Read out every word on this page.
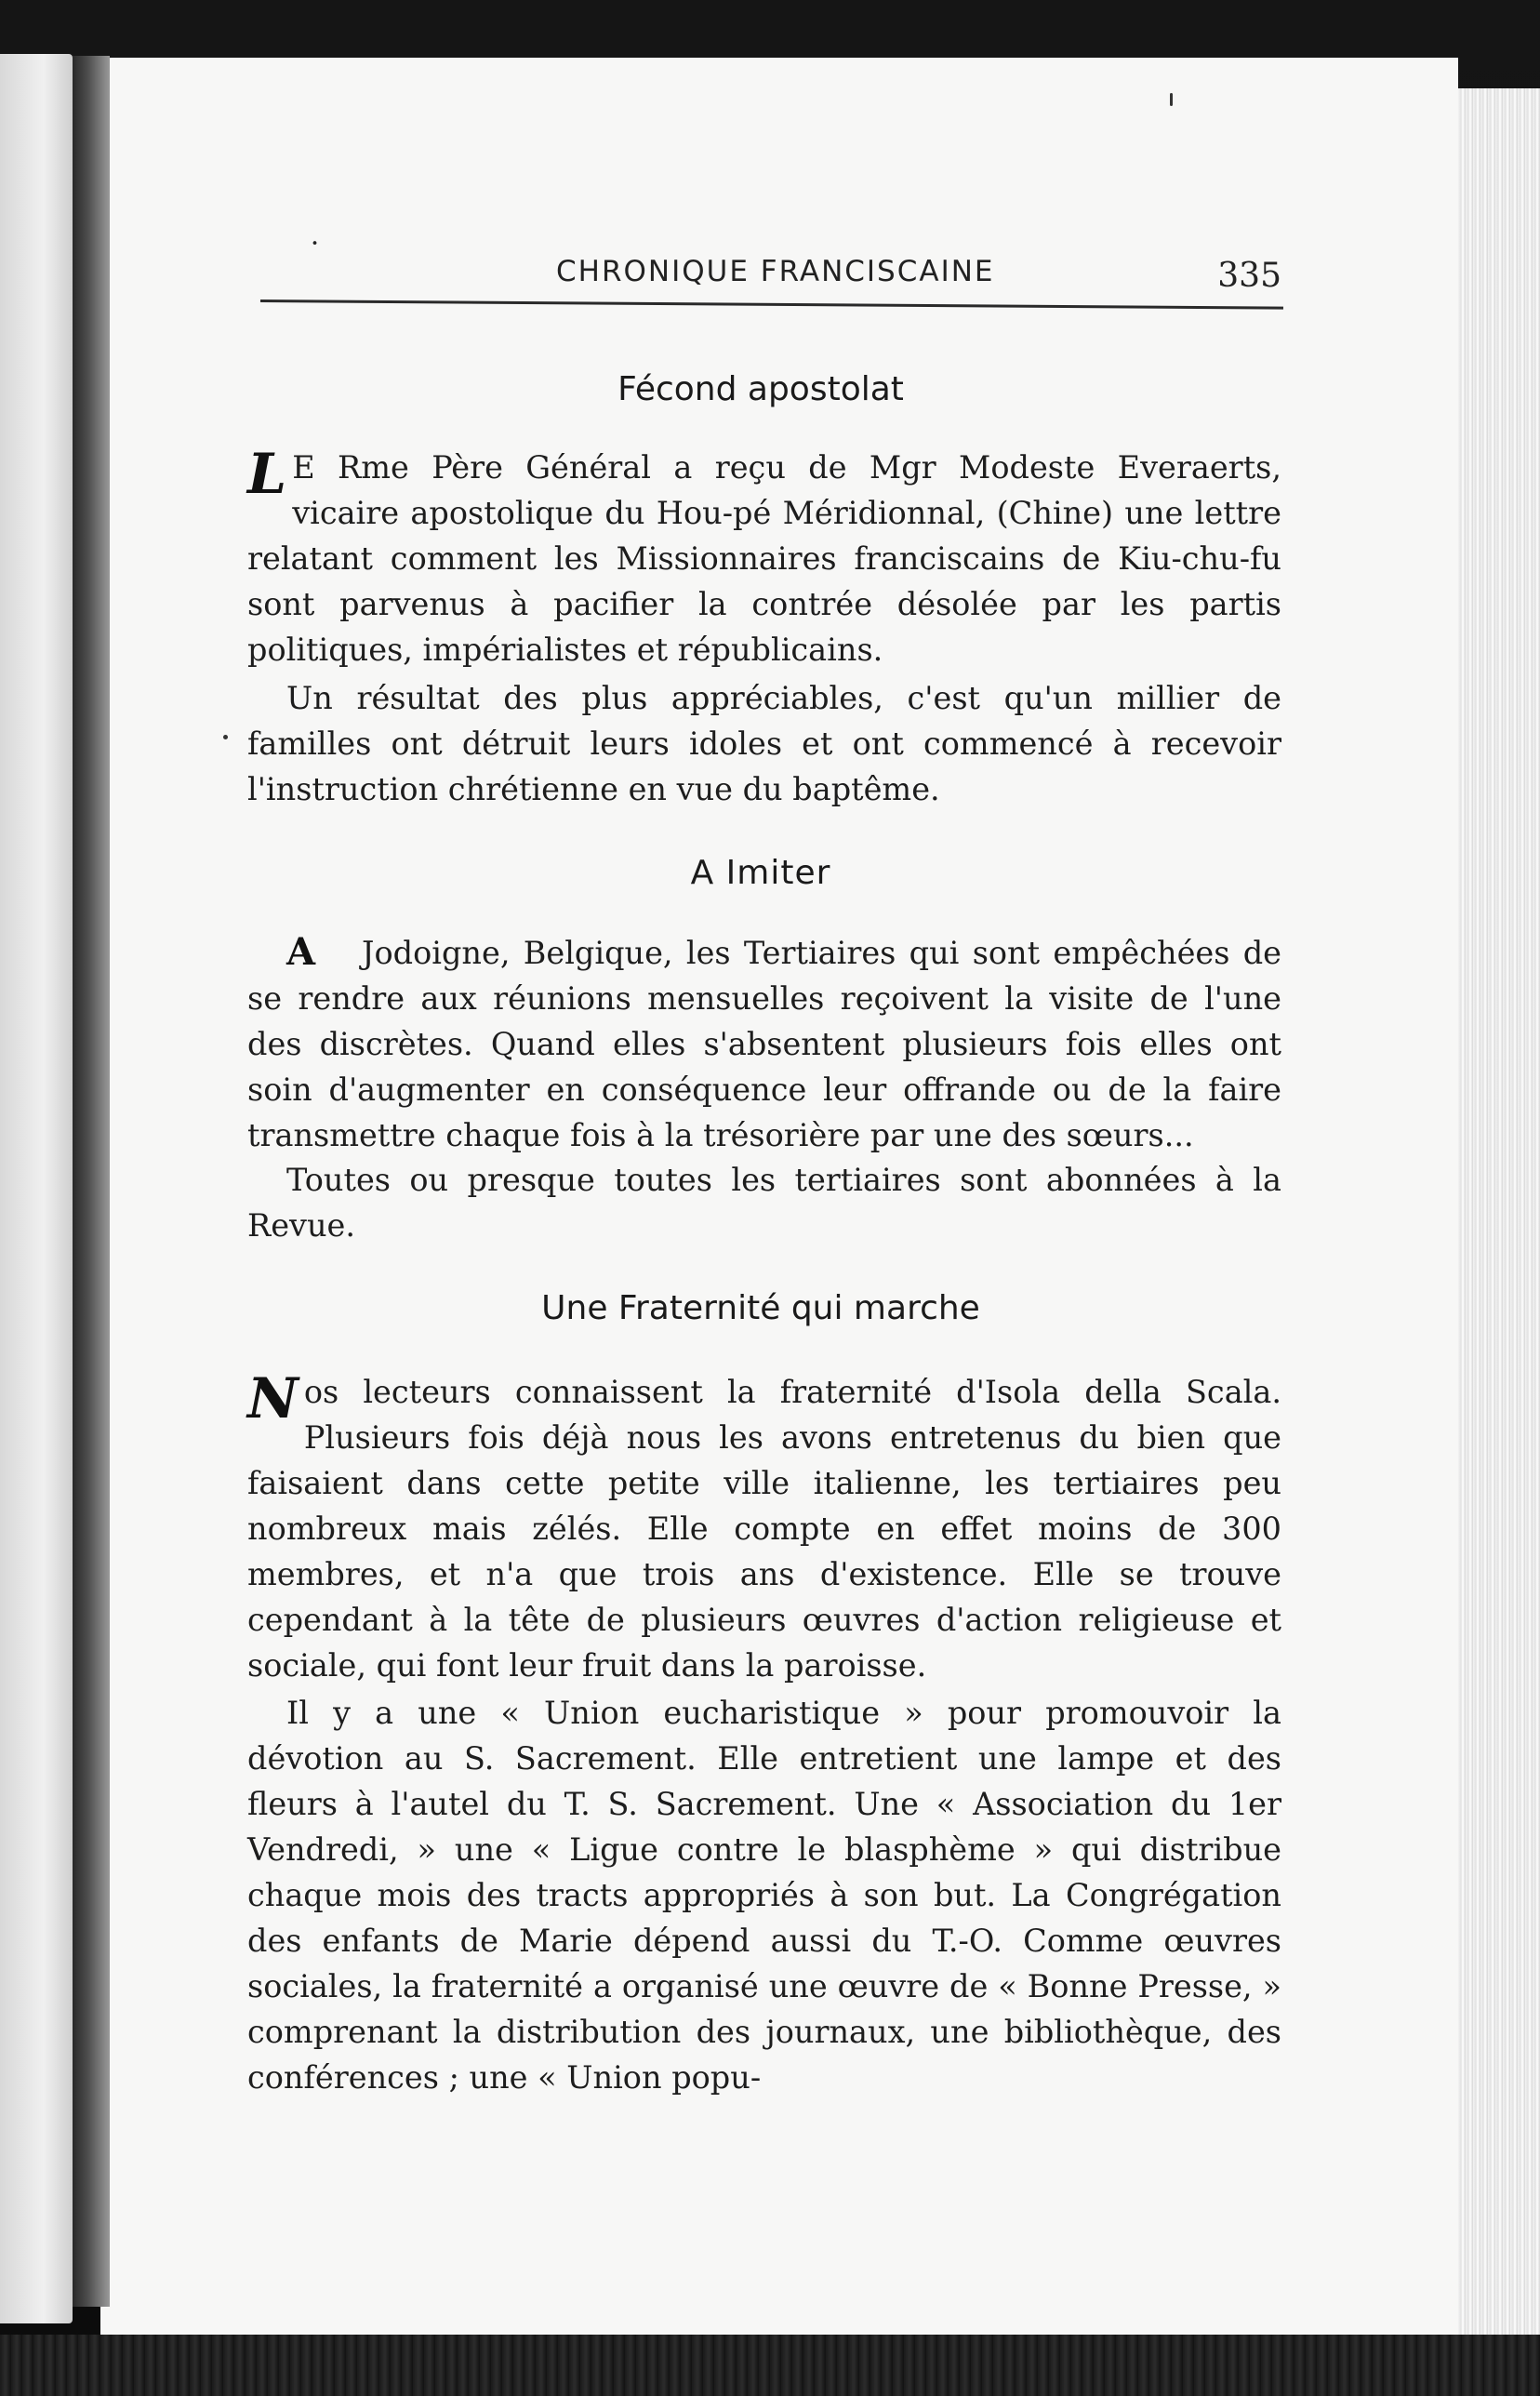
˙	CHRONIQUE FRANCISCAINE	335
Fécond apostolat

L E Rme Père Général a reçu de Mgr Modeste Everaerts, vicaire apostolique du Hou-pé Méridionnal, (Chine) une lettre relatant comment les Missionnaires franciscains de Kiu-chu-fu sont parvenus à pacifier la contrée désolée par les partis politiques, impérialistes et républicains.

Un résultat des plus appréciables, c'est qu'un millier de familles ont détruit leurs idoles et ont commencé à recevoir l'instruction chrétienne en vue du baptême.

A Imiter

A Jodoigne, Belgique, les Tertiaires qui sont empêchées de se rendre aux réunions mensuelles reçoivent la visite de l'une des discrètes. Quand elles s'absentent plusieurs fois elles ont soin d'augmenter en conséquence leur offrande ou de la faire transmettre chaque fois à la trésorière par une des sœurs...

Toutes ou presque toutes les tertiaires sont abonnées à la Revue.

Une Fraternité qui marche

Nos lecteurs connaissent la fraternité d'Isola della Scala. Plusieurs fois déjà nous les avons entretenus du bien que faisaient dans cette petite ville italienne, les tertiaires peu nombreux mais zélés. Elle compte en effet moins de 300 membres, et n'a que trois ans d'existence. Elle se trouve cependant à la tête de plusieurs œuvres d'action religieuse et sociale, qui font leur fruit dans la paroisse.

Il y a une « Union eucharistique » pour promouvoir la dévotion au S. Sacrement. Elle entretient une lampe et des fleurs à l'autel du T. S. Sacrement. Une « Association du 1er Vendredi, » une « Ligue contre le blasphème » qui distribue chaque mois des tracts appropriés à son but. La Congrégation des enfants de Marie dépend aussi du T.-O. Comme œuvres sociales, la fraternité a organisé une œuvre de « Bonne Presse, » comprenant la distribution des journaux, une bibliothèque, des conférences ; une « Union popu-
